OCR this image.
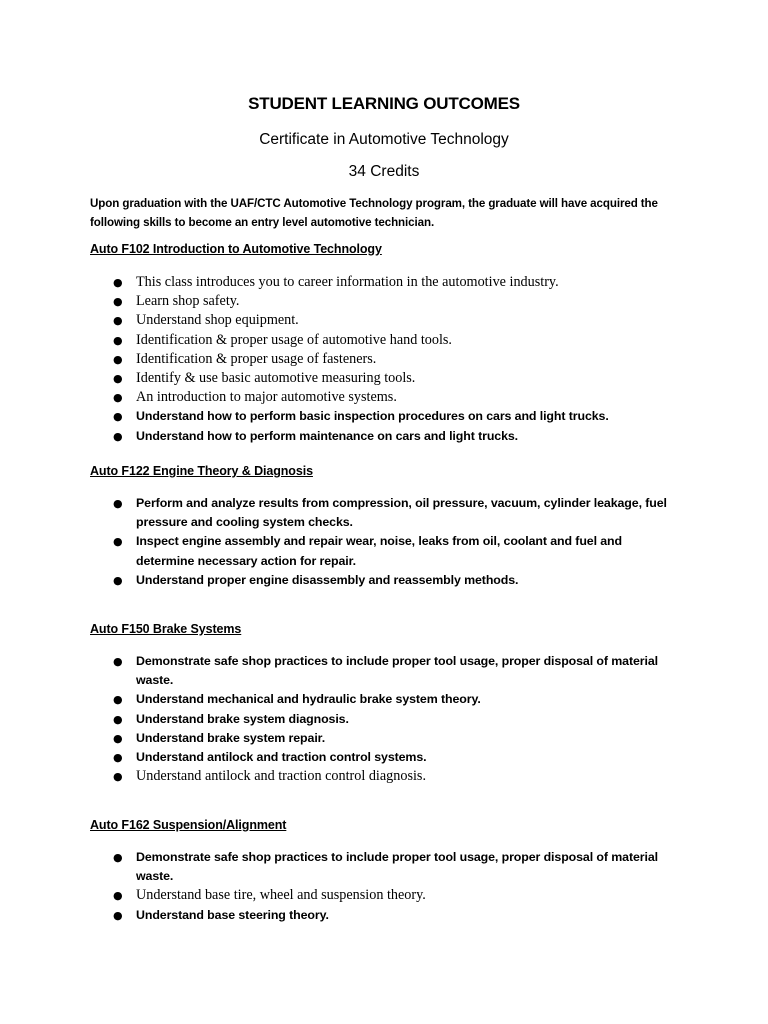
STUDENT LEARNING OUTCOMES
Certificate in Automotive Technology
34 Credits
Upon graduation with the UAF/CTC Automotive Technology program, the graduate will have acquired the following skills to become an entry level automotive technician.
Auto F102 Introduction to Automotive Technology
● This class introduces you to career information in the automotive industry.
● Learn shop safety.
● Understand shop equipment.
● Identification & proper usage of automotive hand tools.
● Identification & proper usage of fasteners.
● Identify & use basic automotive measuring tools.
● An introduction to major automotive systems.
● Understand how to perform basic inspection procedures on cars and light trucks.
● Understand how to perform maintenance on cars and light trucks.
Auto F122 Engine Theory & Diagnosis
● Perform and analyze results from compression, oil pressure, vacuum, cylinder leakage, fuel pressure and cooling system checks.
● Inspect engine assembly and repair wear, noise, leaks from oil, coolant and fuel and determine necessary action for repair.
● Understand proper engine disassembly and reassembly methods.
Auto F150 Brake Systems
● Demonstrate safe shop practices to include proper tool usage, proper disposal of material waste.
● Understand mechanical and hydraulic brake system theory.
● Understand brake system diagnosis.
● Understand brake system repair.
● Understand antilock and traction control systems.
● Understand antilock and traction control diagnosis.
Auto F162 Suspension/Alignment
● Demonstrate safe shop practices to include proper tool usage, proper disposal of material waste.
● Understand base tire, wheel and suspension theory.
● Understand base steering theory.
